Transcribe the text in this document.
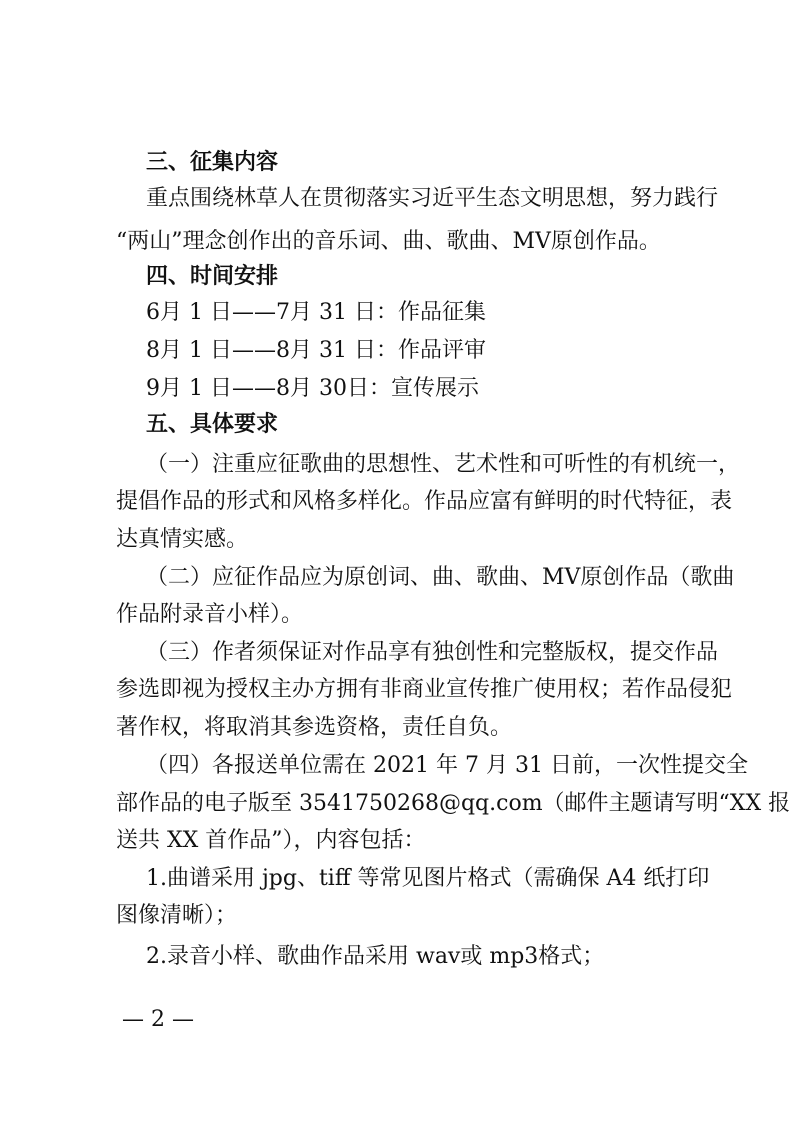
三、征集内容
重点围绕林草人在贯彻落实习近平生态文明思想，努力践行
“两山”理念创作出的音乐词、曲、歌曲、MV原创作品。
四、时间安排
6月 1 日——7月 31 日：作品征集
8月 1 日——8月 31 日：作品评审
9月 1 日——8月 30日：宣传展示
五、具体要求
（一）注重应征歌曲的思想性、艺术性和可听性的有机统一，
提倡作品的形式和风格多样化。作品应富有鲜明的时代特征，表
达真情实感。
（二）应征作品应为原创词、曲、歌曲、MV原创作品（歌曲
作品附录音小样）。
（三）作者须保证对作品享有独创性和完整版权，提交作品
参选即视为授权主办方拥有非商业宣传推广使用权；若作品侵犯
著作权，将取消其参选资格，责任自负。
（四）各报送单位需在 2021 年 7 月 31 日前，一次性提交全
部作品的电子版至 3541750268@qq.com（邮件主题请写明“XX 报
送共 XX 首作品”），内容包括：
1.曲谱采用 jpg、tiff 等常见图片格式（需确保 A4 纸打印
图像清晰）；
2.录音小样、歌曲作品采用 wav或 mp3格式；
— 2 —
